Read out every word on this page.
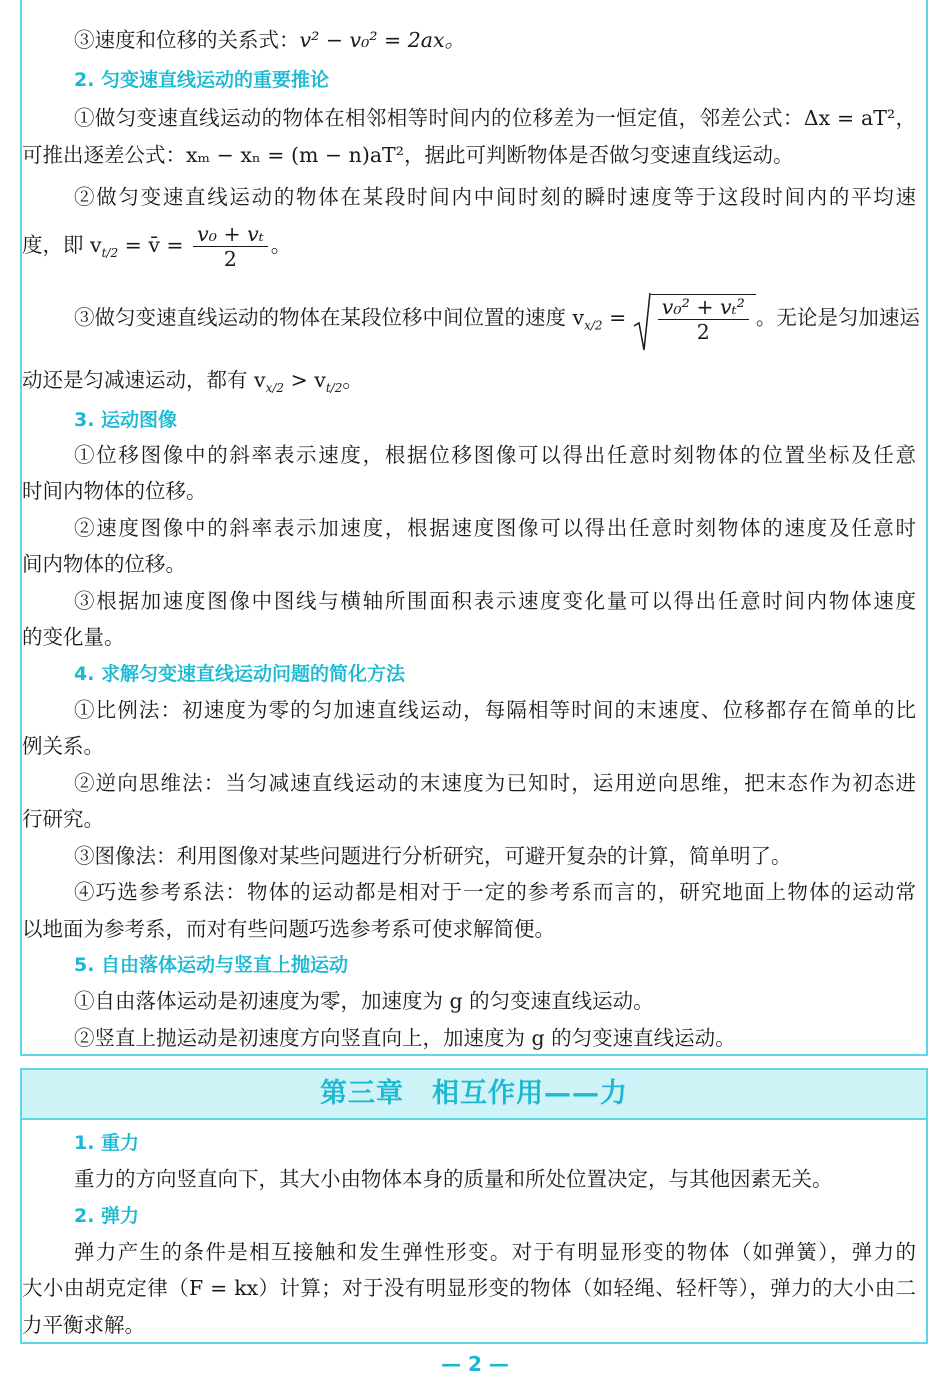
③速度和位移的关系式：v² − v₀² = 2ax。
2. 匀变速直线运动的重要推论
①做匀变速直线运动的物体在相邻相等时间内的位移差为一恒定值，邻差公式：Δx = aT²，
可推出逐差公式：xₘ − xₙ = (m − n)aT²，据此可判断物体是否做匀变速直线运动。
②做匀变速直线运动的物体在某段时间内中间时刻的瞬时速度等于这段时间内的平均速
度，即 $v_{t/2}$ = v̄ = $\frac{\text{v₀ + vₜ}}{2}$ 。
③做匀变速直线运动的物体在某段位移中间位置的速度 $v_{x/2} = \frac{\text{v₀² + vₜ²}}{2}$ 。无论是匀加速运
动还是匀减速运动，都有 $v_{x/2} > v_{t/2}$。
3. 运动图像
①位移图像中的斜率表示速度，根据位移图像可以得出任意时刻物体的位置坐标及任意
时间内物体的位移。
②速度图像中的斜率表示加速度，根据速度图像可以得出任意时刻物体的速度及任意时
间内物体的位移。
③根据加速度图像中图线与横轴所围面积表示速度变化量可以得出任意时间内物体速度
的变化量。
4. 求解匀变速直线运动问题的简化方法
①比例法：初速度为零的匀加速直线运动，每隔相等时间的末速度、位移都存在简单的比
例关系。
②逆向思维法：当匀减速直线运动的末速度为已知时，运用逆向思维，把末态作为初态进
行研究。
③图像法：利用图像对某些问题进行分析研究，可避开复杂的计算，简单明了。
④巧选参考系法：物体的运动都是相对于一定的参考系而言的，研究地面上物体的运动常
以地面为参考系，而对有些问题巧选参考系可使求解简便。
5. 自由落体运动与竖直上抛运动
①自由落体运动是初速度为零，加速度为 g 的匀变速直线运动。
②竖直上抛运动是初速度方向竖直向上，加速度为 g 的匀变速直线运动。
第三章　相互作用——力
1. 重力
重力的方向竖直向下，其大小由物体本身的质量和所处位置决定，与其他因素无关。
2. 弹力
弹力产生的条件是相互接触和发生弹性形变。对于有明显形变的物体（如弹簧），弹力的
大小由胡克定律（F = kx）计算；对于没有明显形变的物体（如轻绳、轻杆等），弹力的大小由二
力平衡求解。
— 2 —
